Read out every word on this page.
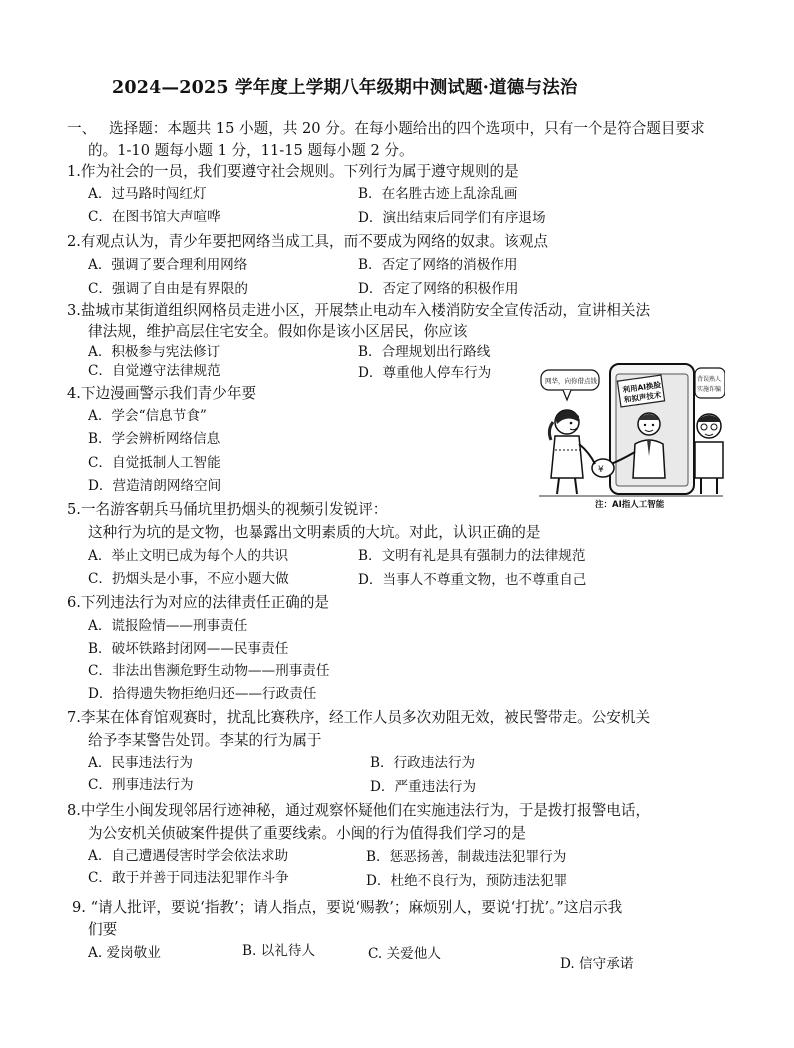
2024—2025 学年度上学期八年级期中测试题·道德与法治
一、 选择题：本题共 15 小题，共 20 分。在每小题给出的四个选项中，只有一个是符合题目要求
的。1-10 题每小题 1 分，11-15 题每小题 2 分。
1.作为社会的一员，我们要遵守社会规则。下列行为属于遵守规则的是
A．过马路时闯红灯	B．在名胜古迹上乱涂乱画
C．在图书馆大声喧哗	D．演出结束后同学们有序退场
2.有观点认为，青少年要把网络当成工具，而不要成为网络的奴隶。该观点
A．强调了要合理利用网络	B．否定了网络的消极作用
C．强调了自由是有界限的	D．否定了网络的积极作用
3.盐城市某街道组织网格员走进小区，开展禁止电动车入楼消防安全宣传活动，宣讲相关法
律法规，维护高层住宅安全。假如你是该小区居民，你应该
A．积极参与宪法修订	B．合理规划出行路线
C．自觉遵守法律规范	D．尊重他人停车行为
4.下边漫画警示我们青少年要
A．学会“信息节食”
B．学会辨析网络信息
C．自觉抵制人工智能
D．营造清朗网络空间
利用AI换脸
和拟声技术
¥
网华，向你借点钱	背误熟人
实施诈骗
注：AI指人工智能
5.一名游客朝兵马俑坑里扔烟头的视频引发锐评：
这种行为坑的是文物，也暴露出文明素质的大坑。对此，认识正确的是
A．举止文明已成为每个人的共识	B．文明有礼是具有强制力的法律规范
C．扔烟头是小事，不应小题大做	D．当事人不尊重文物，也不尊重自己
6.下列违法行为对应的法律责任正确的是
A．谎报险情——刑事责任
B．破坏铁路封闭网——民事责任
C．非法出售濒危野生动物——刑事责任
D．拾得遗失物拒绝归还——行政责任
7.李某在体育馆观赛时，扰乱比赛秩序，经工作人员多次劝阻无效，被民警带走。公安机关
给予李某警告处罚。李某的行为属于
A．民事违法行为	B．行政违法行为
C．刑事违法行为	D．严重违法行为
8.中学生小闽发现邻居行迹神秘，通过观察怀疑他们在实施违法行为，于是拨打报警电话，
为公安机关侦破案件提供了重要线索。小闽的行为值得我们学习的是
A．自己遭遇侵害时学会依法求助	B．惩恶扬善，制裁违法犯罪行为
C．敢于并善于同违法犯罪作斗争	D．杜绝不良行为，预防违法犯罪
9. “请人批评，要说‘指教’；请人指点，要说‘赐教’；麻烦别人，要说‘打扰’。”这启示我
们要
A. 爱岗敬业	B. 以礼待人	C. 关爱他人
D. 信守承诺
